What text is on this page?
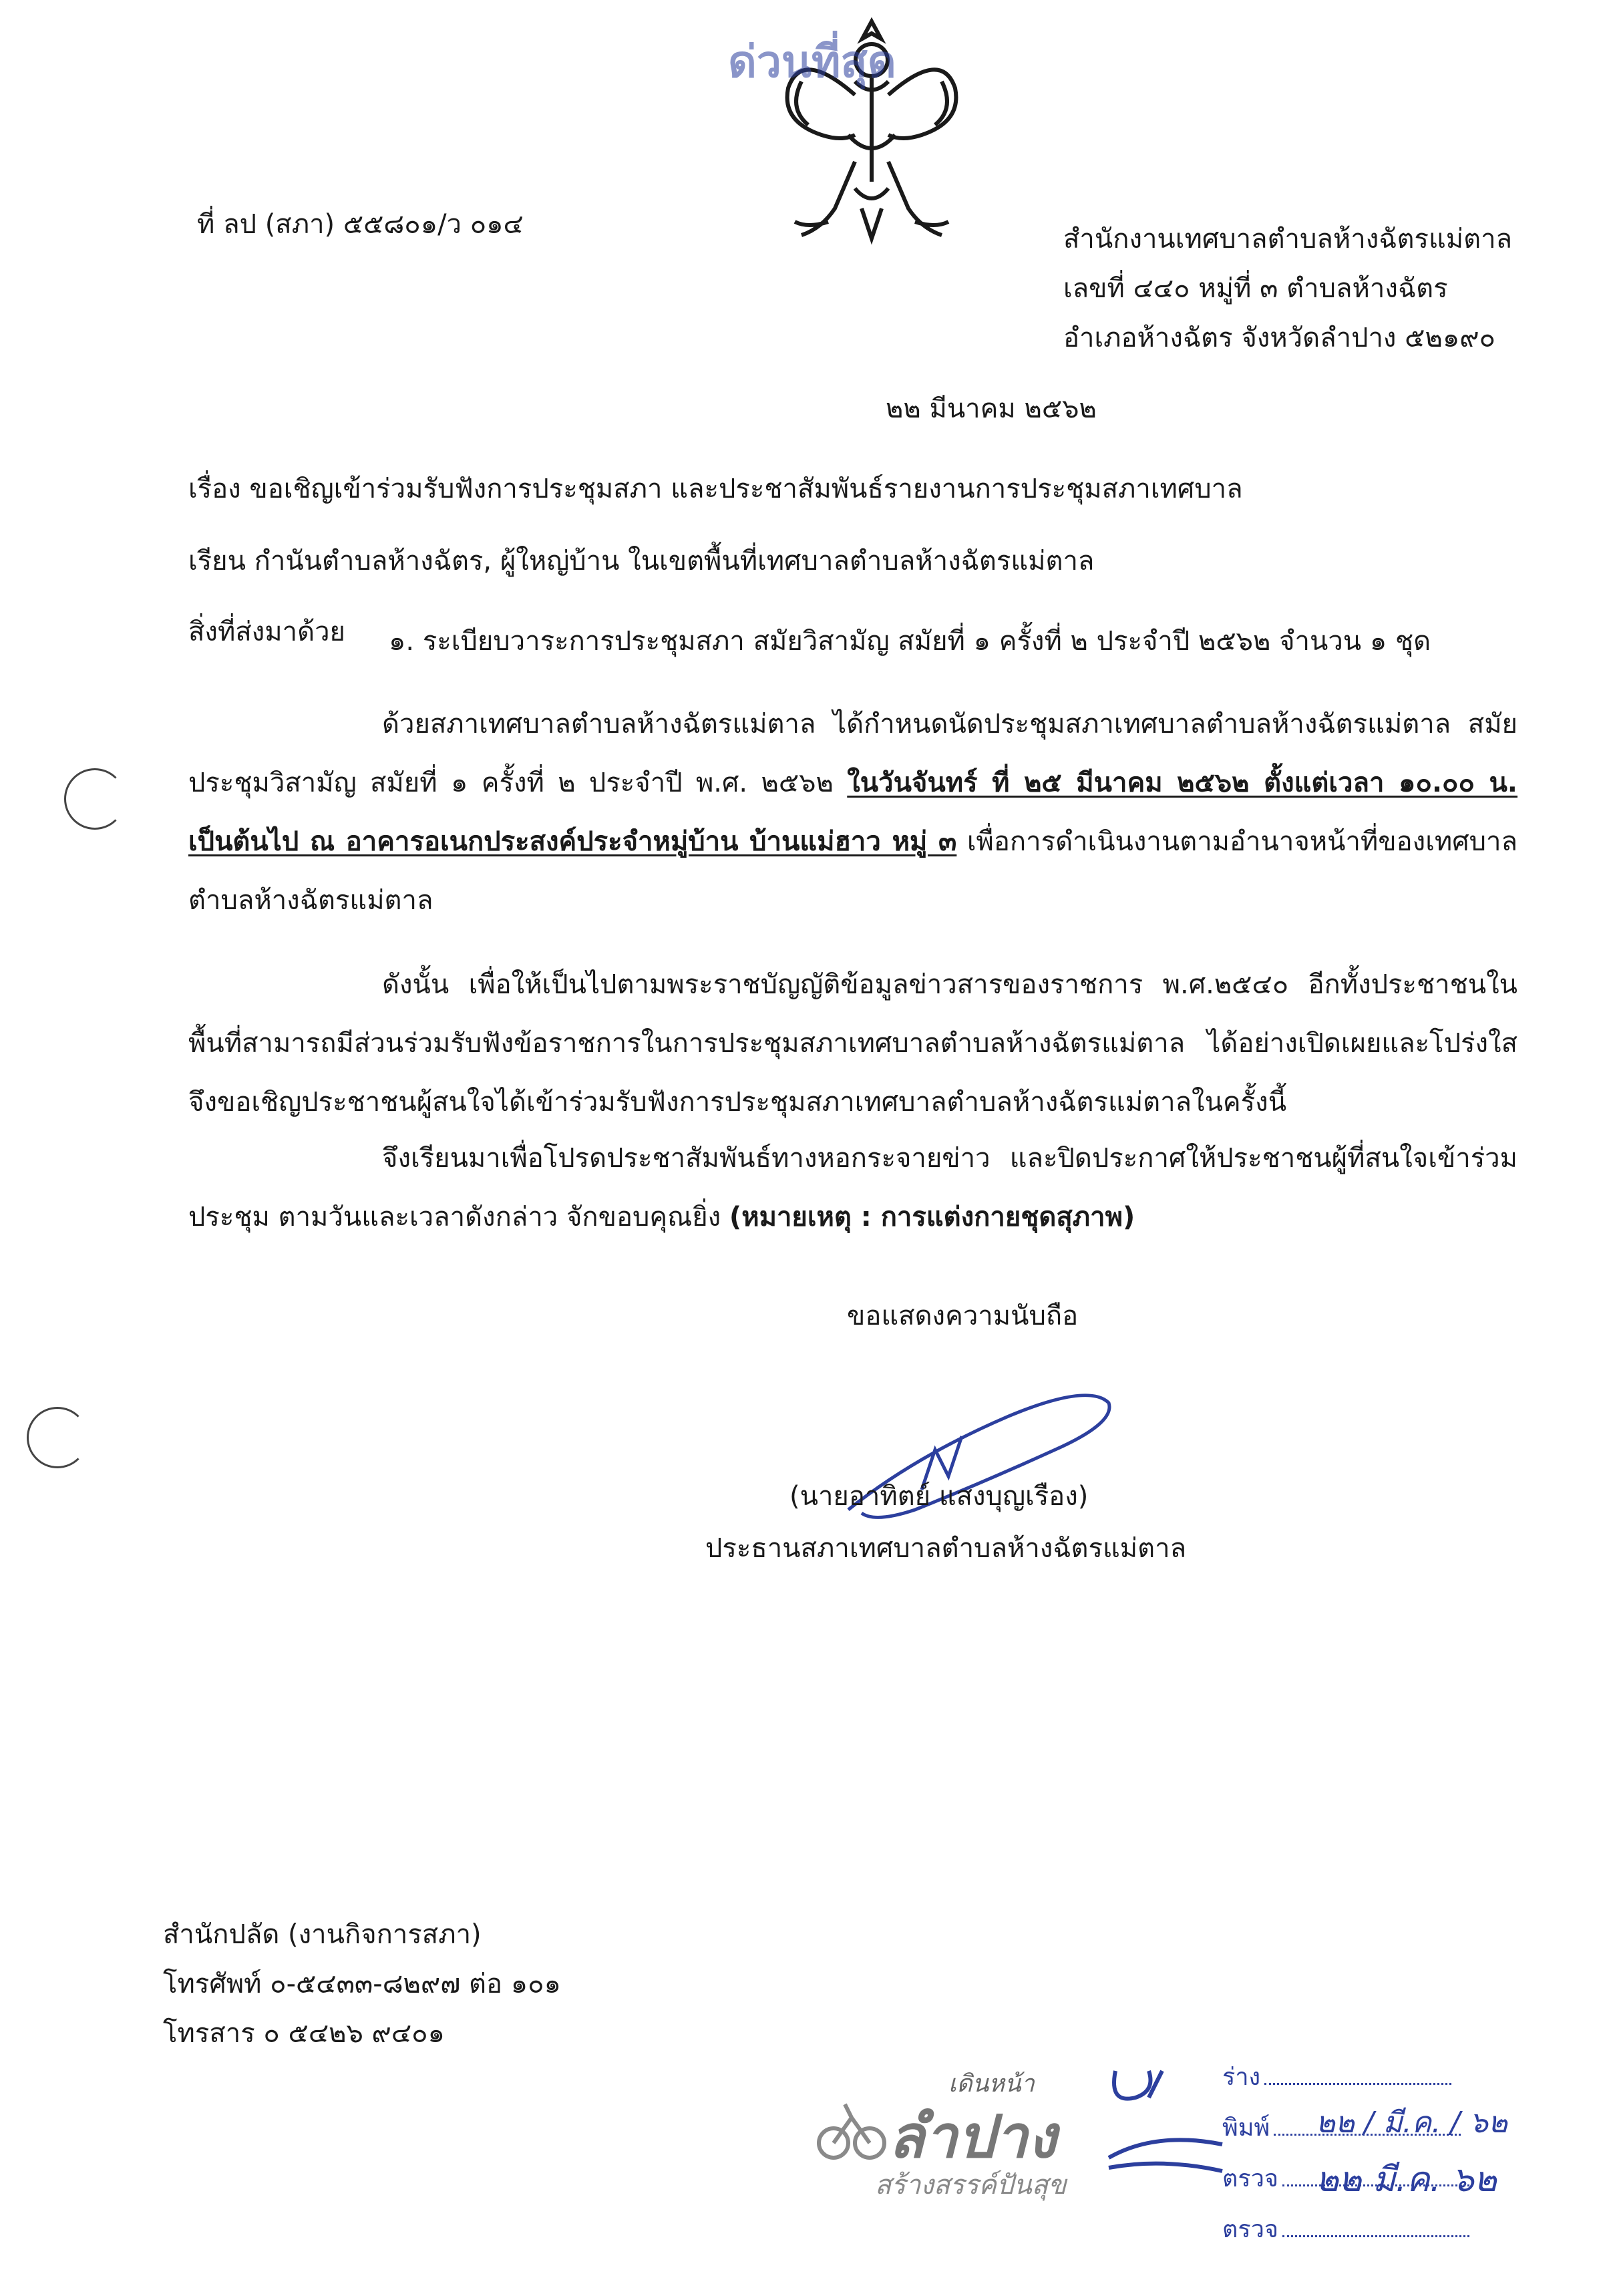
ด่วนที่สุด
ที่ ลป (สภา) ๕๕๘๐๑/ว ๐๑๔	สำนักงานเทศบาลตำบลห้างฉัตรแม่ตาล
เลขที่ ๔๔๐ หมู่ที่ ๓ ตำบลห้างฉัตร
อำเภอห้างฉัตร จังหวัดลำปาง ๕๒๑๙๐
๒๒ มีนาคม ๒๕๖๒
เรื่อง ขอเชิญเข้าร่วมรับฟังการประชุมสภา และประชาสัมพันธ์รายงานการประชุมสภาเทศบาล
เรียน กำนันตำบลห้างฉัตร, ผู้ใหญ่บ้าน ในเขตพื้นที่เทศบาลตำบลห้างฉัตรแม่ตาล
สิ่งที่ส่งมาด้วย ๑. ระเบียบวาระการประชุมสภา สมัยวิสามัญ สมัยที่ ๑ ครั้งที่ ๒ ประจำปี ๒๕๖๒ จำนวน ๑ ชุด
ด้วยสภาเทศบาลตำบลห้างฉัตรแม่ตาล ได้กำหนดนัดประชุมสภาเทศบาลตำบลห้างฉัตรแม่ตาล สมัยประชุมวิสามัญ สมัยที่ ๑ ครั้งที่ ๒ ประจำปี พ.ศ. ๒๕๖๒ ในวันจันทร์ ที่ ๒๕ มีนาคม ๒๕๖๒ ตั้งแต่เวลา ๑๐.๐๐ น. เป็นต้นไป ณ อาคารอเนกประสงค์ประจำหมู่บ้าน บ้านแม่ฮาว หมู่ ๓ เพื่อการดำเนินงานตามอำนาจหน้าที่ของเทศบาลตำบลห้างฉัตรแม่ตาล
ดังนั้น เพื่อให้เป็นไปตามพระราชบัญญัติข้อมูลข่าวสารของราชการ พ.ศ.๒๕๔๐ อีกทั้งประชาชนในพื้นที่สามารถมีส่วนร่วมรับฟังข้อราชการในการประชุมสภาเทศบาลตำบลห้างฉัตรแม่ตาล ได้อย่างเปิดเผยและโปร่งใส จึงขอเชิญประชาชนผู้สนใจได้เข้าร่วมรับฟังการประชุมสภาเทศบาลตำบลห้างฉัตรแม่ตาลในครั้งนี้
จึงเรียนมาเพื่อโปรดประชาสัมพันธ์ทางหอกระจายข่าว และปิดประกาศให้ประชาชนผู้ที่สนใจเข้าร่วมประชุม ตามวันและเวลาดังกล่าว จักขอบคุณยิ่ง (หมายเหตุ : การแต่งกายชุดสุภาพ)
ขอแสดงความนับถือ
(นายอาทิตย์ แสงบุญเรือง)
ประธานสภาเทศบาลตำบลห้างฉัตรแม่ตาล
สำนักปลัด (งานกิจการสภา)
โทรศัพท์ ๐-๕๔๓๓-๘๒๙๗ ต่อ ๑๐๑
โทรสาร ๐ ๕๔๒๖ ๙๔๐๑
เดินหน้า
ลำปาง
สร้างสรรค์ปันสุข
ร่าง
พิมพ์
ตรวจ
ตรวจ
๒๒ / มี.ค. / ๖๒
๒๒ มี.ค. ๖๒
